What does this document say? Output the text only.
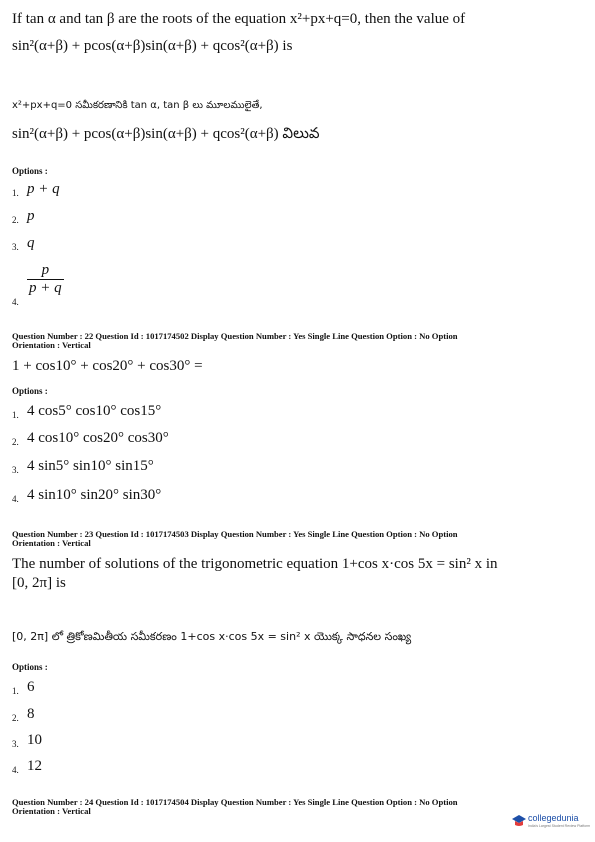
If tan α and tan β are the roots of the equation x²+px+q=0, then the value of
sin²(α+β) + pcos(α+β)sin(α+β) + qcos²(α+β) is
x²+px+q=0 సమీకరణానికి tan α, tan β లు మూలములైతే,
sin²(α+β) + pcos(α+β)sin(α+β) + qcos²(α+β) విలువ
Options :
1. p + q
2. p
3. q
4.
$\frac{p}{p + q}$
Question Number : 22 Question Id : 1017174502 Display Question Number : Yes Single Line Question Option : No Option
Orientation : Vertical
1 + cos10° + cos20° + cos30° =
Options :
1. 4 cos5° cos10° cos15°
2. 4 cos10° cos20° cos30°
3. 4 sin5° sin10° sin15°
4. 4 sin10° sin20° sin30°
Question Number : 23 Question Id : 1017174503 Display Question Number : Yes Single Line Question Option : No Option
Orientation : Vertical
The number of solutions of the trigonometric equation 1+cos x·cos 5x = sin² x in
[0, 2π] is
[0, 2π] లో త్రికోణమితీయ సమీకరణం 1+cos x·cos 5x = sin² x యొక్క సాధనల సంఖ్య
Options :
1. 6
2. 8
3. 10
4. 12
Question Number : 24 Question Id : 1017174504 Display Question Number : Yes Single Line Question Option : No Option
Orientation : Vertical
collegedunia
India's Largest Student Review Platform
